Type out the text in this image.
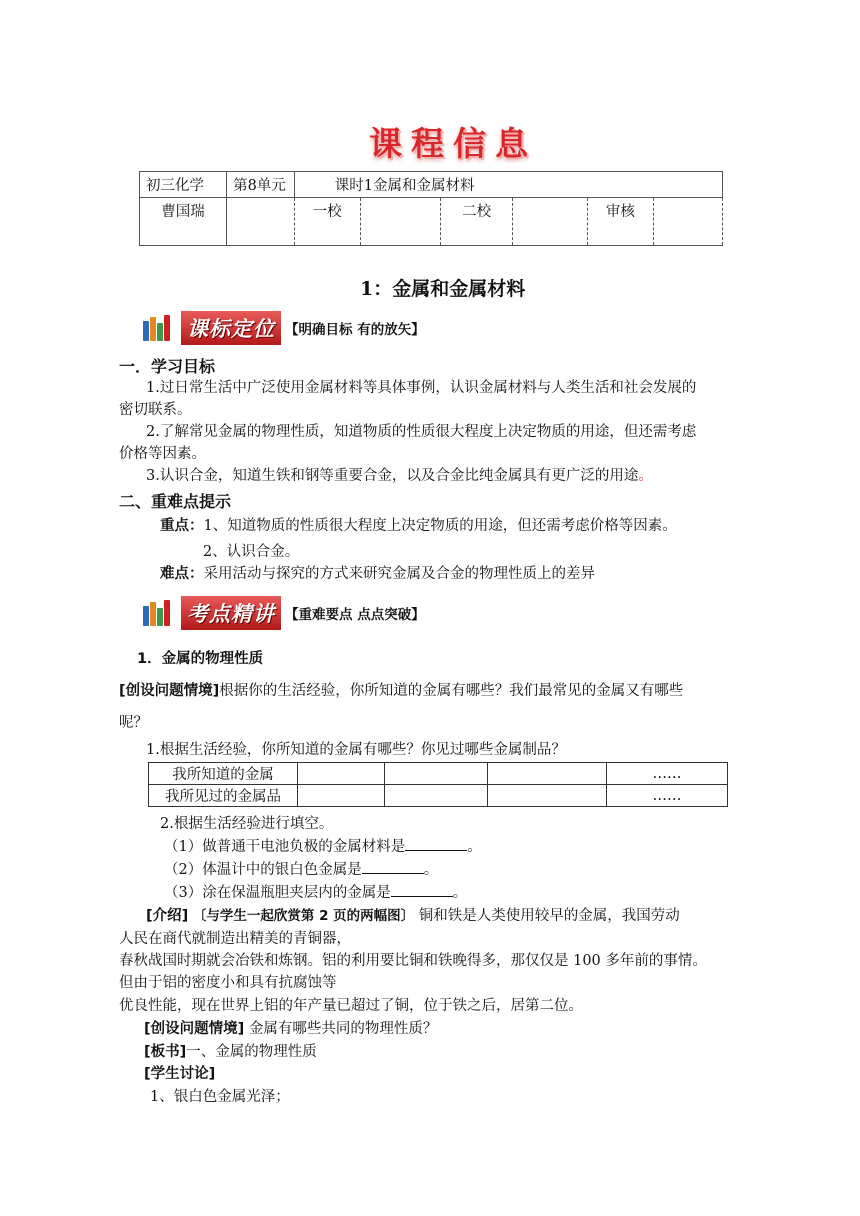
课程信息
初三化学	第8单元	课时1金属和金属材料					
曹国瑞		一校		二校		审核	
1：金属和金属材料
课标定位 【明确目标 有的放矢】
一．学习目标
1.过日常生活中广泛使用金属材料等具体事例，认识金属材料与人类生活和社会发展的
密切联系。
2.了解常见金属的物理性质，知道物质的性质很大程度上决定物质的用途，但还需考虑
价格等因素。
3.认识合金，知道生铁和钢等重要合金，以及合金比纯金属具有更广泛的用途。
二、重难点提示
重点：1、知道物质的性质很大程度上决定物质的用途，但还需考虑价格等因素。
2、认识合金。
难点：采用活动与探究的方式来研究金属及合金的物理性质上的差异
考点精讲 【重难要点 点点突破】
1．金属的物理性质
[创设问题情境]根据你的生活经验，你所知道的金属有哪些？我们最常见的金属又有哪些
呢？
1.根据生活经验，你所知道的金属有哪些？你见过哪些金属制品？
我所知道的金属				……
我所见过的金属品				……
2.根据生活经验进行填空。
（1）做普通干电池负极的金属材料是	。
（2）体温计中的银白色金属是	。
（3）涂在保温瓶胆夹层内的金属是	。
[介绍] 〔与学生一起欣赏第 2 页的两幅图〕 铜和铁是人类使用较早的金属，我国劳动
人民在商代就制造出精美的青铜器，
春秋战国时期就会冶铁和炼钢。铝的利用要比铜和铁晚得多，那仅仅是 100 多年前的事情。
但由于铝的密度小和具有抗腐蚀等
优良性能，现在世界上铝的年产量已超过了铜，位于铁之后，居第二位。
[创设问题情境] 金属有哪些共同的物理性质？
[板书]一、金属的物理性质
[学生讨论]
1、银白色金属光泽；
